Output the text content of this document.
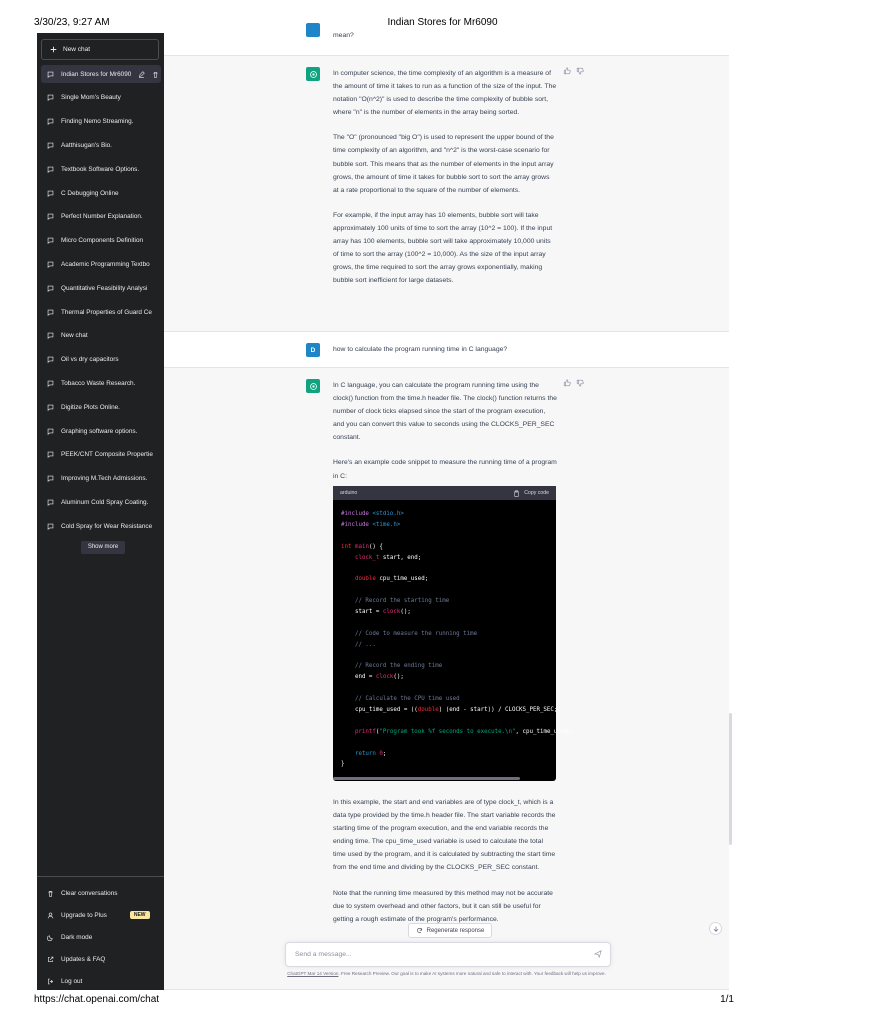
3/30/23, 9:27 AM	Indian Stores for Mr6090
New chat
Indian Stores for Mr6090
Single Mom's Beauty
Finding Nemo Streaming.
Aatthisugan's Bio.
Textbook Software Options.
C Debugging Online
Perfect Number Explanation.
Micro Components Definition
Academic Programming Textbo
Quantitative Feasibility Analysi
Thermal Properties of Guard Ce
New chat
Oil vs dry capacitors
Tobacco Waste Research.
Digitize Plots Online.
Graphing software options.
PEEK/CNT Composite Propertie
Improving M.Tech Admissions.
Aluminum Cold Spray Coating.
Cold Spray for Wear Resistance
Show more
Clear conversations
Upgrade to Plus	NEW
Dark mode
Updates & FAQ
Log out
mean?

In computer science, the time complexity of an algorithm is a measure of the amount of time it takes to run as a function of the size of the input. The notation "O(n^2)" is used to describe the time complexity of bubble sort, where "n" is the number of elements in the array being sorted.

The "O" (pronounced "big O") is used to represent the upper bound of the time complexity of an algorithm, and "n^2" is the worst-case scenario for bubble sort. This means that as the number of elements in the input array grows, the amount of time it takes for bubble sort to sort the array grows at a rate proportional to the square of the number of elements.

For example, if the input array has 10 elements, bubble sort will take approximately 100 units of time to sort the array (10^2 = 100). If the input array has 100 elements, bubble sort will take approximately 10,000 units of time to sort the array (100^2 = 10,000). As the size of the input array grows, the time required to sort the array grows exponentially, making bubble sort inefficient for large datasets.

D	how to calculate the program running time in C language?

In C language, you can calculate the program running time using the clock() function from the time.h header file. The clock() function returns the number of clock ticks elapsed since the start of the program execution, and you can convert this value to seconds using the CLOCKS_PER_SEC constant.

Here's an example code snippet to measure the running time of a program in C:

arduino	Copy code
#include <stdio.h>
#include <time.h>
int main() {
clock_t start, end;
double cpu_time_used;
// Record the starting time
start = clock();
// Code to measure the running time
// ...
// Record the ending time
end = clock();
// Calculate the CPU time used
cpu_time_used = ((double) (end - start)) / CLOCKS_PER_SEC;
printf("Program took %f seconds to execute.\n", cpu_time_used);
return 0;
}

In this example, the start and end variables are of type clock_t, which is a data type provided by the time.h header file. The start variable records the starting time of the program execution, and the end variable records the ending time. The cpu_time_used variable is used to calculate the total time used by the program, and it is calculated by subtracting the start time from the end time and dividing by the CLOCKS_PER_SEC constant.

Note that the running time measured by this method may not be accurate due to system overhead and other factors, but it can still be useful for getting a rough estimate of the program's performance.

Regenerate response
Send a message...
ChatGPT Mar 14 Version. Free Research Preview. Our goal is to make AI systems more natural and safe to interact with. Your feedback will help us improve.
https://chat.openai.com/chat	1/1
